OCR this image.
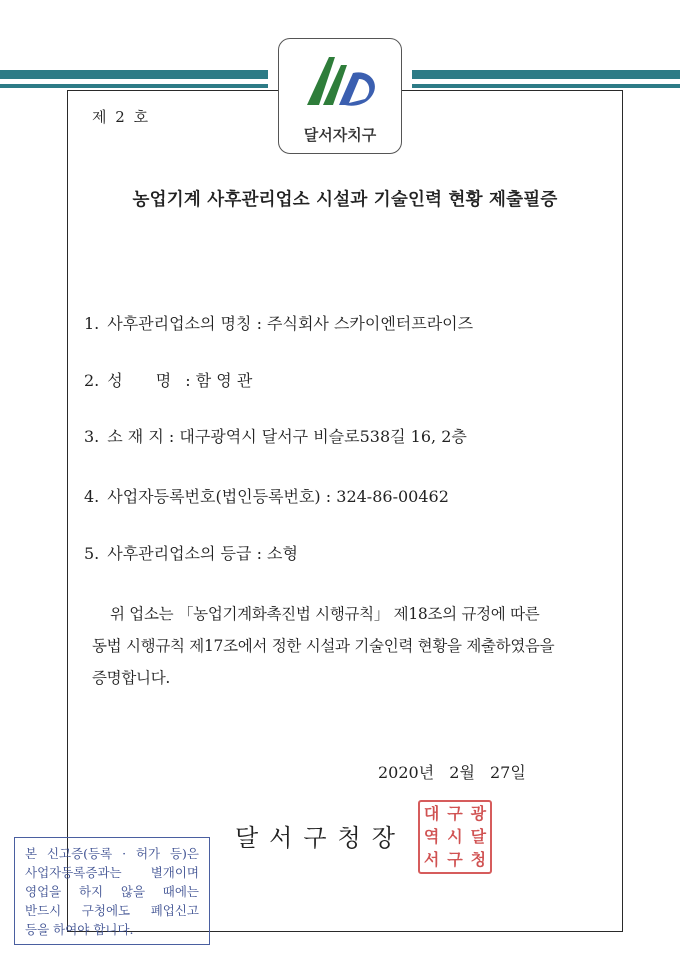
달서자치구
제 2 호
농업기계 사후관리업소 시설과 기술인력 현황 제출필증
1. 사후관리업소의 명칭 : 주식회사 스카이엔터프라이즈
2. 성 명: 함 영 관
3. 소 재 지 : 대구광역시 달서구 비슬로538길 16, 2층
4. 사업자등록번호(법인등록번호) : 324-86-00462
5. 사후관리업소의 등급 : 소형

위 업소는 「농업기계화촉진법 시행규칙」 제18조의 규정에 따른

동법 시행규칙 제17조에서 정한 시설과 기술인력 현황을 제출하였음을

증명합니다.

2020년 2월 27일
달서구청장
대 구 광
역 시 달
서 구 청
본 신고증(등록 · 허가 등)은
사업자등록증과는 별개이며
영업을 하지 않을 때에는
반드시 구청에도 폐업신고
등을 하여야 합니다.
